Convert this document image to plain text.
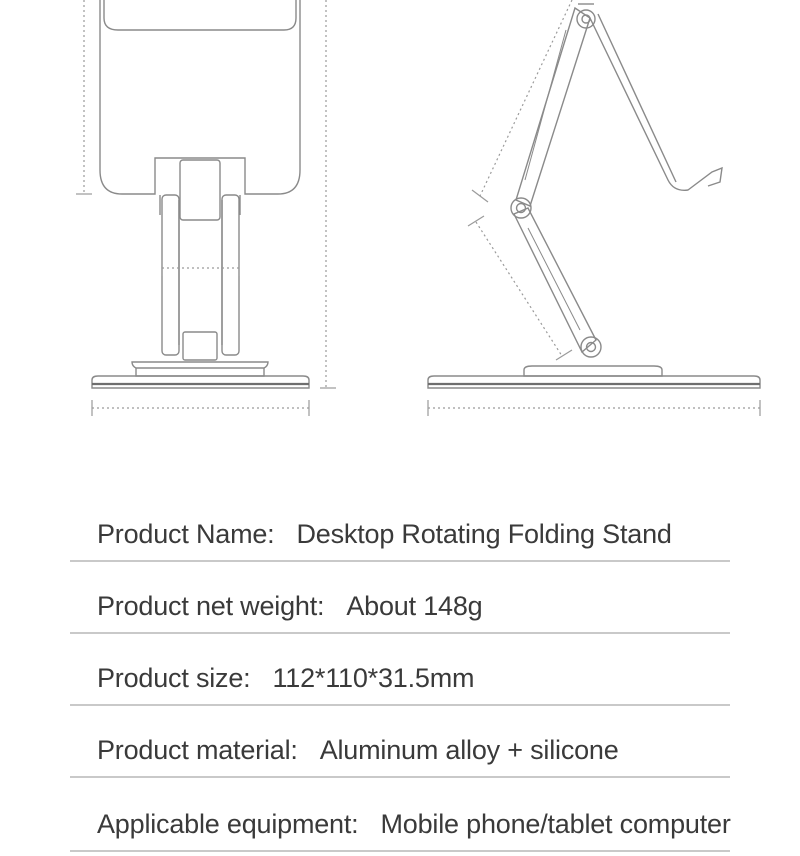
Product Name: Desktop Rotating Folding Stand
Product net weight: About 148g
Product size: 112*110*31.5mm
Product material: Aluminum alloy + silicone
Applicable equipment: Mobile phone/tablet computer
